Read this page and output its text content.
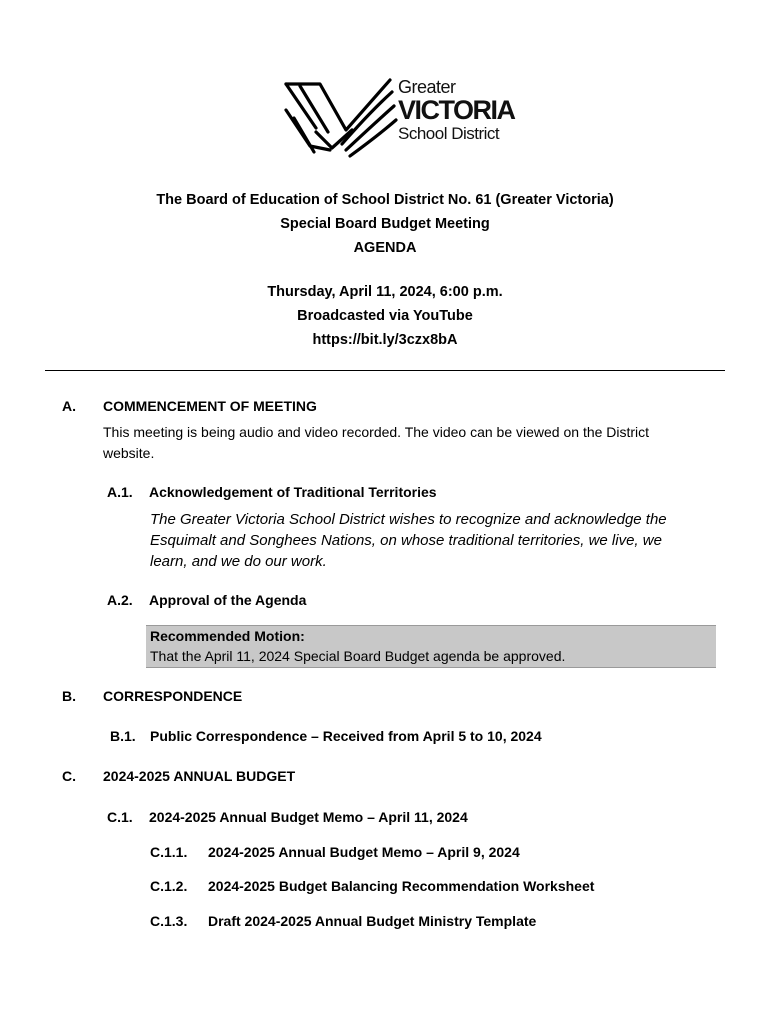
Greater
VICTORIA
School District
The Board of Education of School District No. 61 (Greater Victoria)
Special Board Budget Meeting
AGENDA
Thursday, April 11, 2024, 6:00 p.m.
Broadcasted via YouTube
https://bit.ly/3czx8bA
A. COMMENCEMENT OF MEETING
This meeting is being audio and video recorded. The video can be viewed on the District
website.
A.1. Acknowledgement of Traditional Territories
The Greater Victoria School District wishes to recognize and acknowledge the
Esquimalt and Songhees Nations, on whose traditional territories, we live, we
learn, and we do our work.
A.2. Approval of the Agenda
Recommended Motion:
That the April 11, 2024 Special Board Budget agenda be approved.
B. CORRESPONDENCE
B.1. Public Correspondence – Received from April 5 to 10, 2024
C. 2024-2025 ANNUAL BUDGET
C.1. 2024-2025 Annual Budget Memo – April 11, 2024
C.1.1. 2024-2025 Annual Budget Memo – April 9, 2024
C.1.2. 2024-2025 Budget Balancing Recommendation Worksheet
C.1.3. Draft 2024-2025 Annual Budget Ministry Template
